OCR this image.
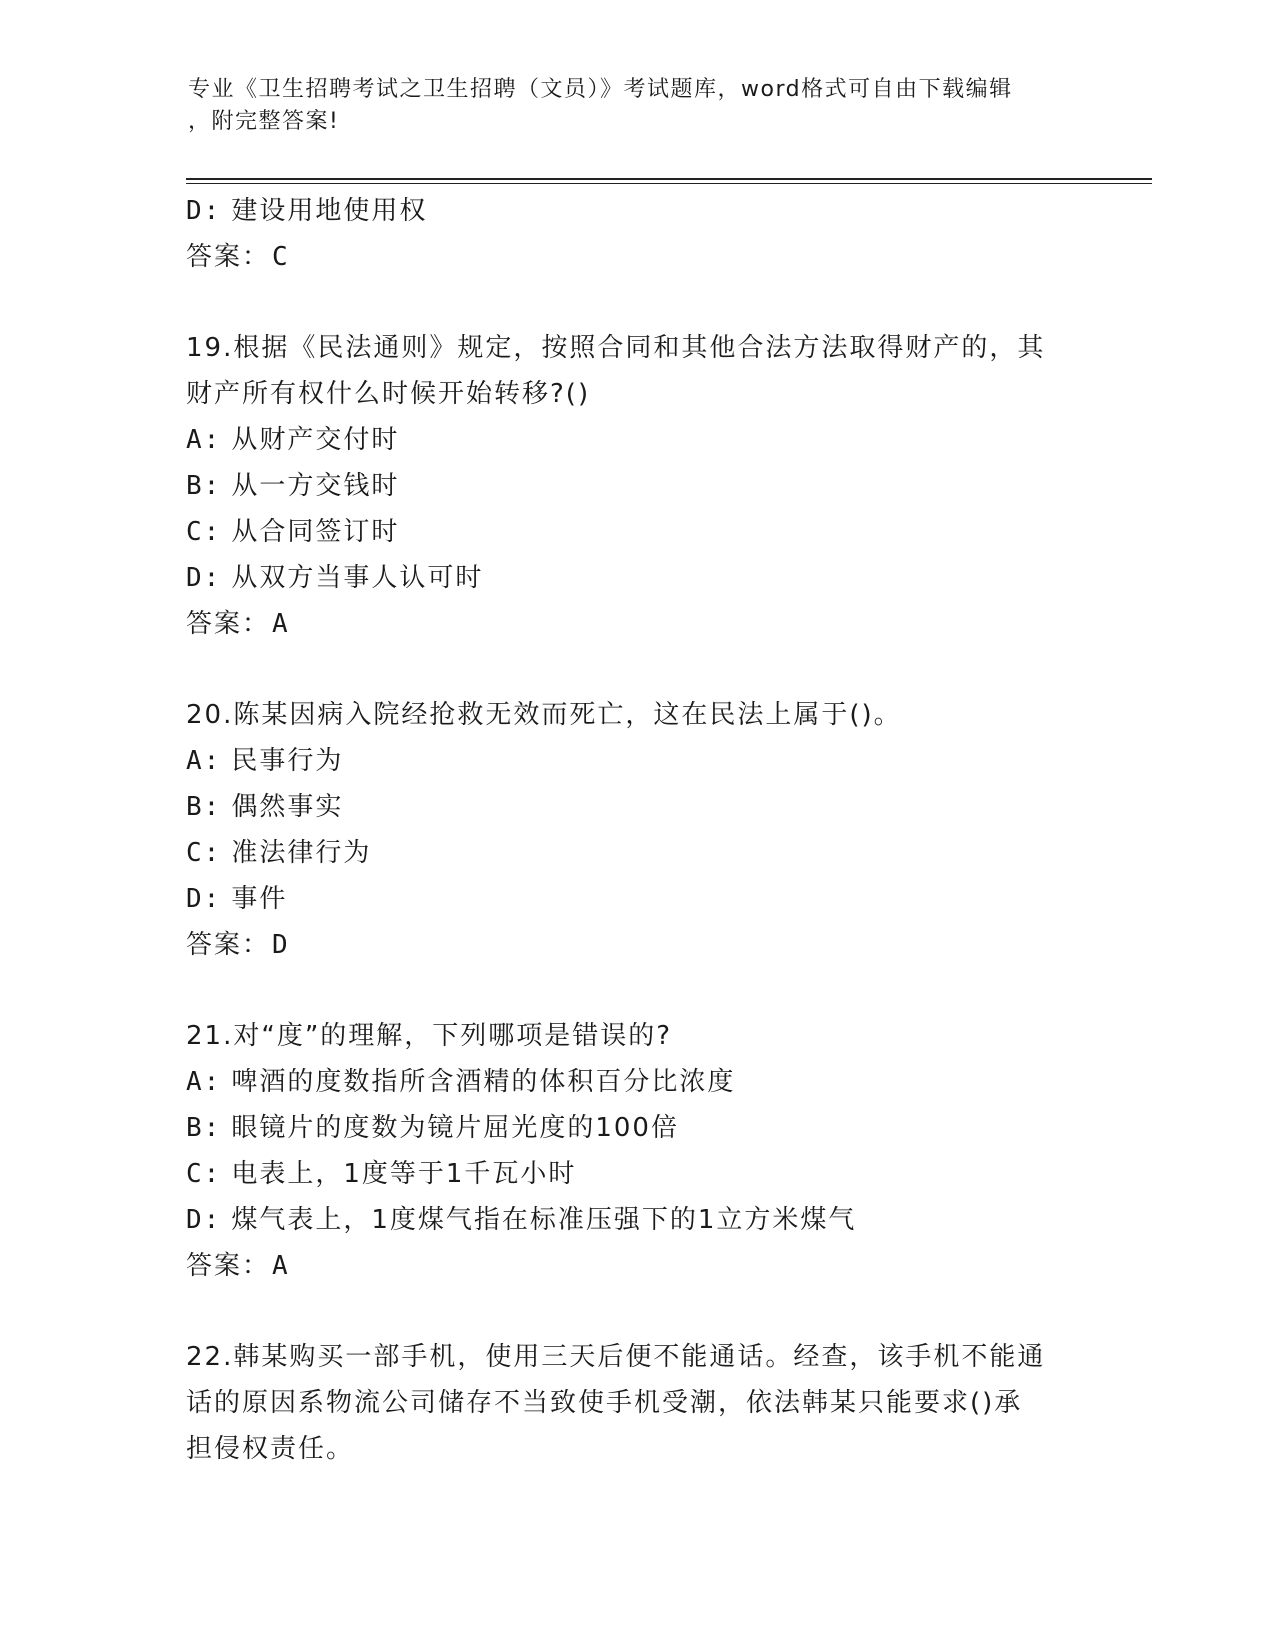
专业《卫生招聘考试之卫生招聘（文员）》考试题库，word格式可自由下载编辑
，附完整答案!
D: 建设用地使用权
答案：C
19.根据《民法通则》规定，按照合同和其他合法方法取得财产的，其
财产所有权什么时候开始转移?()
A: 从财产交付时
B: 从一方交钱时
C: 从合同签订时
D: 从双方当事人认可时
答案：A
20.陈某因病入院经抢救无效而死亡，这在民法上属于()。
A: 民事行为
B: 偶然事实
C: 准法律行为
D: 事件
答案：D
21.对“度”的理解，下列哪项是错误的?
A: 啤酒的度数指所含酒精的体积百分比浓度
B: 眼镜片的度数为镜片屈光度的100倍
C: 电表上，1度等于1千瓦小时
D: 煤气表上，1度煤气指在标准压强下的1立方米煤气
答案：A
22.韩某购买一部手机，使用三天后便不能通话。经查，该手机不能通
话的原因系物流公司储存不当致使手机受潮，依法韩某只能要求()承
担侵权责任。
